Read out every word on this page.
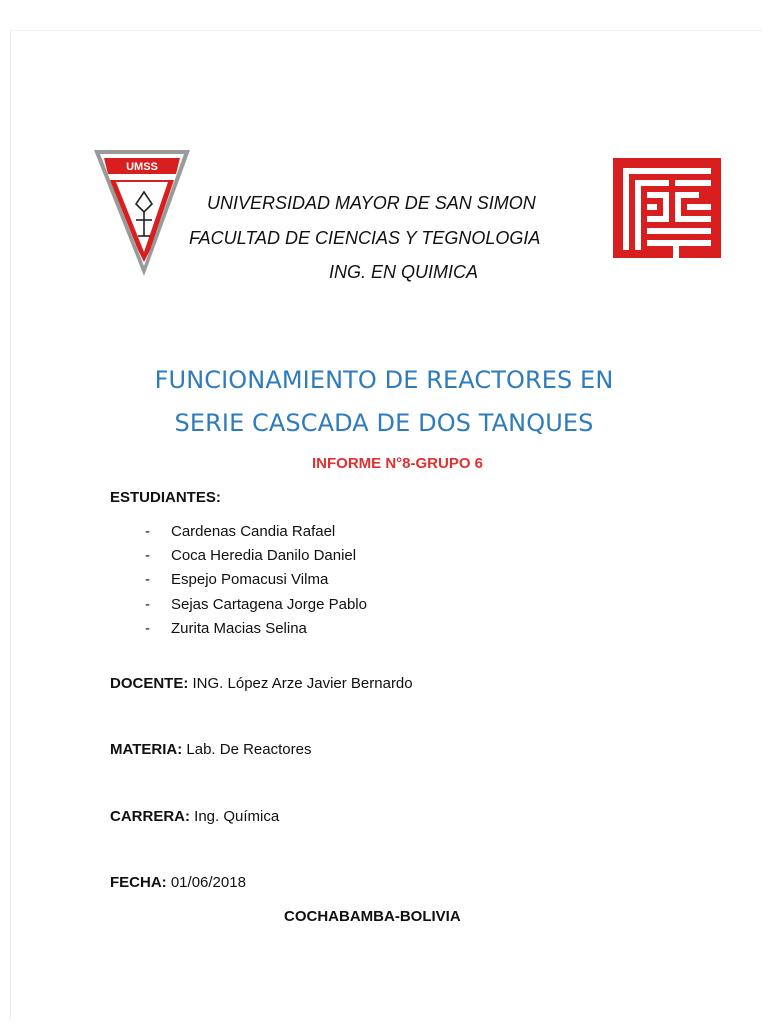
UMSS
UNIVERSIDAD MAYOR DE SAN SIMON
FACULTAD DE CIENCIAS Y TEGNOLOGIA
ING. EN QUIMICA
FUNCIONAMIENTO DE REACTORES EN
SERIE CASCADA DE DOS TANQUES
INFORME N°8-GRUPO 6
ESTUDIANTES:
- Cardenas Candia Rafael
- Coca Heredia Danilo Daniel
- Espejo Pomacusi Vilma
- Sejas Cartagena Jorge Pablo
- Zurita Macias Selina
DOCENTE: ING. López Arze Javier Bernardo
MATERIA: Lab. De Reactores
CARRERA: Ing. Química
FECHA: 01/06/2018
COCHABAMBA-BOLIVIA
